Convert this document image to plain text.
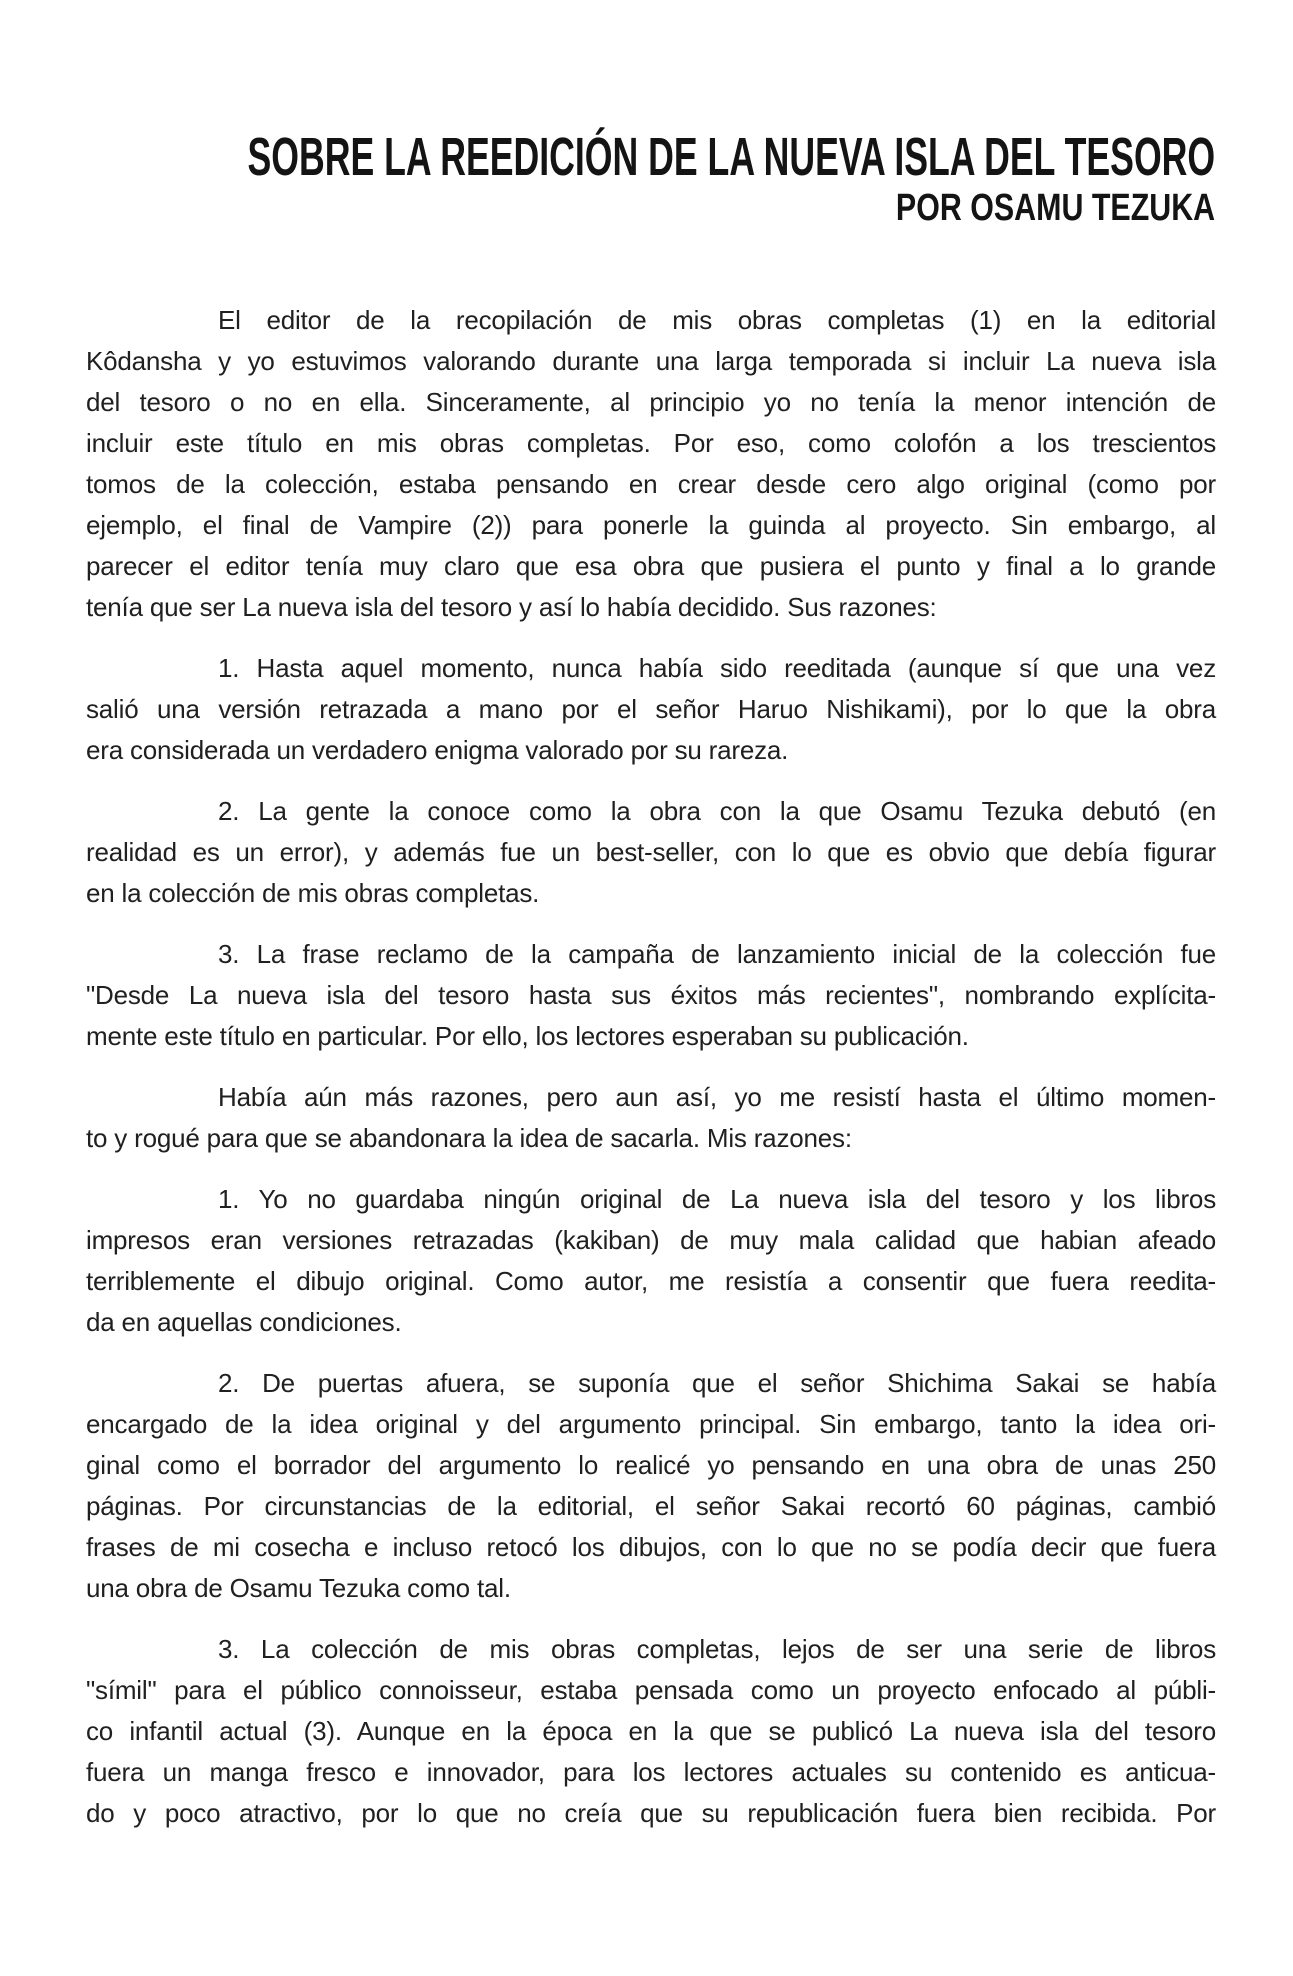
SOBRE LA REEDICIÓN DE LA NUEVA ISLA DEL TESORO
POR OSAMU TEZUKA
El editor de la recopilación de mis obras completas (1) en la editorial
Kôdansha y yo estuvimos valorando durante una larga temporada si incluir La nueva isla
del tesoro o no en ella. Sinceramente, al principio yo no tenía la menor intención de
incluir este título en mis obras completas. Por eso, como colofón a los trescientos
tomos de la colección, estaba pensando en crear desde cero algo original (como por
ejemplo, el final de Vampire (2)) para ponerle la guinda al proyecto. Sin embargo, al
parecer el editor tenía muy claro que esa obra que pusiera el punto y final a lo grande
tenía que ser La nueva isla del tesoro y así lo había decidido. Sus razones:
1. Hasta aquel momento, nunca había sido reeditada (aunque sí que una vez
salió una versión retrazada a mano por el señor Haruo Nishikami), por lo que la obra
era considerada un verdadero enigma valorado por su rareza.
2. La gente la conoce como la obra con la que Osamu Tezuka debutó (en
realidad es un error), y además fue un best-seller, con lo que es obvio que debía figurar
en la colección de mis obras completas.
3. La frase reclamo de la campaña de lanzamiento inicial de la colección fue
"Desde La nueva isla del tesoro hasta sus éxitos más recientes", nombrando explícita-
mente este título en particular. Por ello, los lectores esperaban su publicación.
Había aún más razones, pero aun así, yo me resistí hasta el último momen-
to y rogué para que se abandonara la idea de sacarla. Mis razones:
1. Yo no guardaba ningún original de La nueva isla del tesoro y los libros
impresos eran versiones retrazadas (kakiban) de muy mala calidad que habian afeado
terriblemente el dibujo original. Como autor, me resistía a consentir que fuera reedita-
da en aquellas condiciones.
2. De puertas afuera, se suponía que el señor Shichima Sakai se había
encargado de la idea original y del argumento principal. Sin embargo, tanto la idea ori-
ginal como el borrador del argumento lo realicé yo pensando en una obra de unas 250
páginas. Por circunstancias de la editorial, el señor Sakai recortó 60 páginas, cambió
frases de mi cosecha e incluso retocó los dibujos, con lo que no se podía decir que fuera
una obra de Osamu Tezuka como tal.
3. La colección de mis obras completas, lejos de ser una serie de libros
"símil" para el público connoisseur, estaba pensada como un proyecto enfocado al públi-
co infantil actual (3). Aunque en la época en la que se publicó La nueva isla del tesoro
fuera un manga fresco e innovador, para los lectores actuales su contenido es anticua-
do y poco atractivo, por lo que no creía que su republicación fuera bien recibida. Por
